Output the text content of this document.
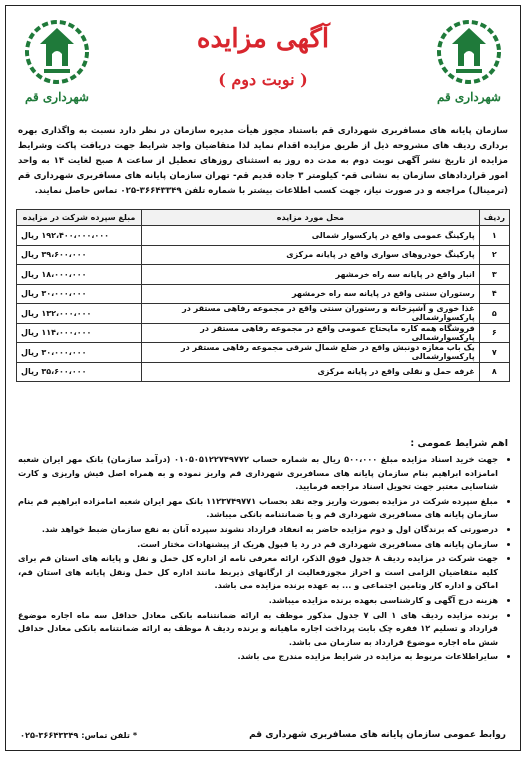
شهرداری قم
شهرداری قم
آگهی مزایده
( نوبت دوم )
سازمان پایانه های مسافربری شهرداری قم باستناد مجوز هیأت مدیره سازمان در نظر دارد نسبت به واگذاری بهره برداری ردیف های مشروحه ذیل از طریق مزایده اقدام نماید لذا متقاضیان واجد شرایط جهت دریافت پاکت وشرایط مزایده از تاریخ نشر آگهی نوبت دوم به مدت ده روز به استثنای روزهای تعطیل از ساعت ۸ صبح لغایت ۱۴ به واحد امور قراردادهای سازمان به نشانی قم- کیلومتر ۳ جاده قدیم قم- تهران سازمان پایانه های مسافربری شهرداری قم (ترمینال) مراجعه و در صورت نیاز، جهت کسب اطلاعات بیشتر با شماره تلفن ۳۶۶۴۳۳۴۹-۰۲۵ تماس حاصل نمایند.
ردیف	محل مورد مزایده	مبلغ سپرده شرکت در مزایده
۱	پارکینگ عمومی واقع در پارکسوار شمالی	۱۹۲،۴۰۰،۰۰۰،۰۰۰ ریال
۲	پارکینگ خودروهای سواری واقع در پایانه مرکزی	۳۹،۶۰۰،۰۰۰ ریال
۳	انبار واقع در پایانه سه راه خرمشهر	۱۸،۰۰۰،۰۰۰ ریال
۴	رستوران سنتی واقع در پایانه سه راه خرمشهر	۳۰،۰۰۰،۰۰۰ ریال
۵	غذا خوری و آشپزخانه و رستوران سنتی واقع در مجموعه رفاهی مستقر در پارکسوارشمالی	۱۳۲،۰۰۰،۰۰۰ ریال
۶	فروشگاه همه کاره مایحتاج عمومی واقع در مجموعه رفاهی مستقر در پارکسوارشمالی	۱۱۴،۰۰۰،۰۰۰ ریال
۷	یک باب مغازه دونبش واقع در ضلع شمال شرقی مجموعه رفاهی مستقر در پارکسوارشمالی	۳۰،۰۰۰،۰۰۰ ریال
۸	غرفه حمل و نقلی واقع در پایانه مرکزی	۳۵،۶۰۰،۰۰۰ ریال
اهم شرایط عمومی :
• جهت خرید اسناد مزایده مبلغ ۵۰۰،۰۰۰ ریال به شماره حساب ۰۱۰۵۰۵۱۲۲۷۴۹۷۷۲ (درآمد سازمان) بانک مهر ایران شعبه امامزاده ابراهیم بنام سازمان پایانه های مسافربری شهرداری قم واریز نموده و به همراه اصل فیش واریزی و کارت شناسایی معتبر جهت تحویل اسناد مراجعه فرمایید.
• مبلغ سپرده شرکت در مزایده بصورت واریز وجه نقد بحساب ۱۱۲۳۷۴۹۷۷۱ بانک مهر ایران شعبه امامزاده ابراهیم قم بنام سازمان پایانه های مسافربری شهرداری قم و یا ضمانتنامه بانکی میباشد.
• درصورتی که برندگان اول و دوم مزایده حاضر به انعقاد قرارداد نشوند سپرده آنان به نفع سازمان ضبط خواهد شد.
• سازمان پایانه های مسافربری شهرداری قم در رد یا قبول هریک از پیشنهادات مختار است.
• جهت شرکت در مزایده ردیف ۸ جدول فوق الذکر، ارائه معرفی نامه از اداره کل حمل و نقل و پایانه های استان قم برای کلیه متقاضیان الزامی است و احراز مجوزفعالیت از ارگانهای ذیربط مانند اداره کل حمل ونقل پایانه های استان قم، اماکن و اداره کار وتامین اجتماعی و ... به عهده برنده مزایده می باشد.
• هزینه درج آگهی و کارشناسی بعهده برنده مزایده میباشد.
• برنده مزایده ردیف های ۱ الی ۷ جدول مذکور موظف به ارائه ضمانتنامه بانکی معادل حداقل سه ماه اجاره موضوع قرارداد و تسلیم ۱۲ فقره چک بابت پرداخت اجاره ماهیانه و برنده ردیف ۸ موظف به ارائه ضمانتنامه بانکی معادل حداقل شش ماه اجاره موضوع قرارداد به سازمان می باشد.
• سایراطلاعات مربوط به مزایده در شرایط مزایده مندرج می باشد.
* تلفن تماس: ۳۶۶۴۳۳۴۹-۰۲۵	روابط عمومی سازمان پایانه های مسافربری شهرداری قم
